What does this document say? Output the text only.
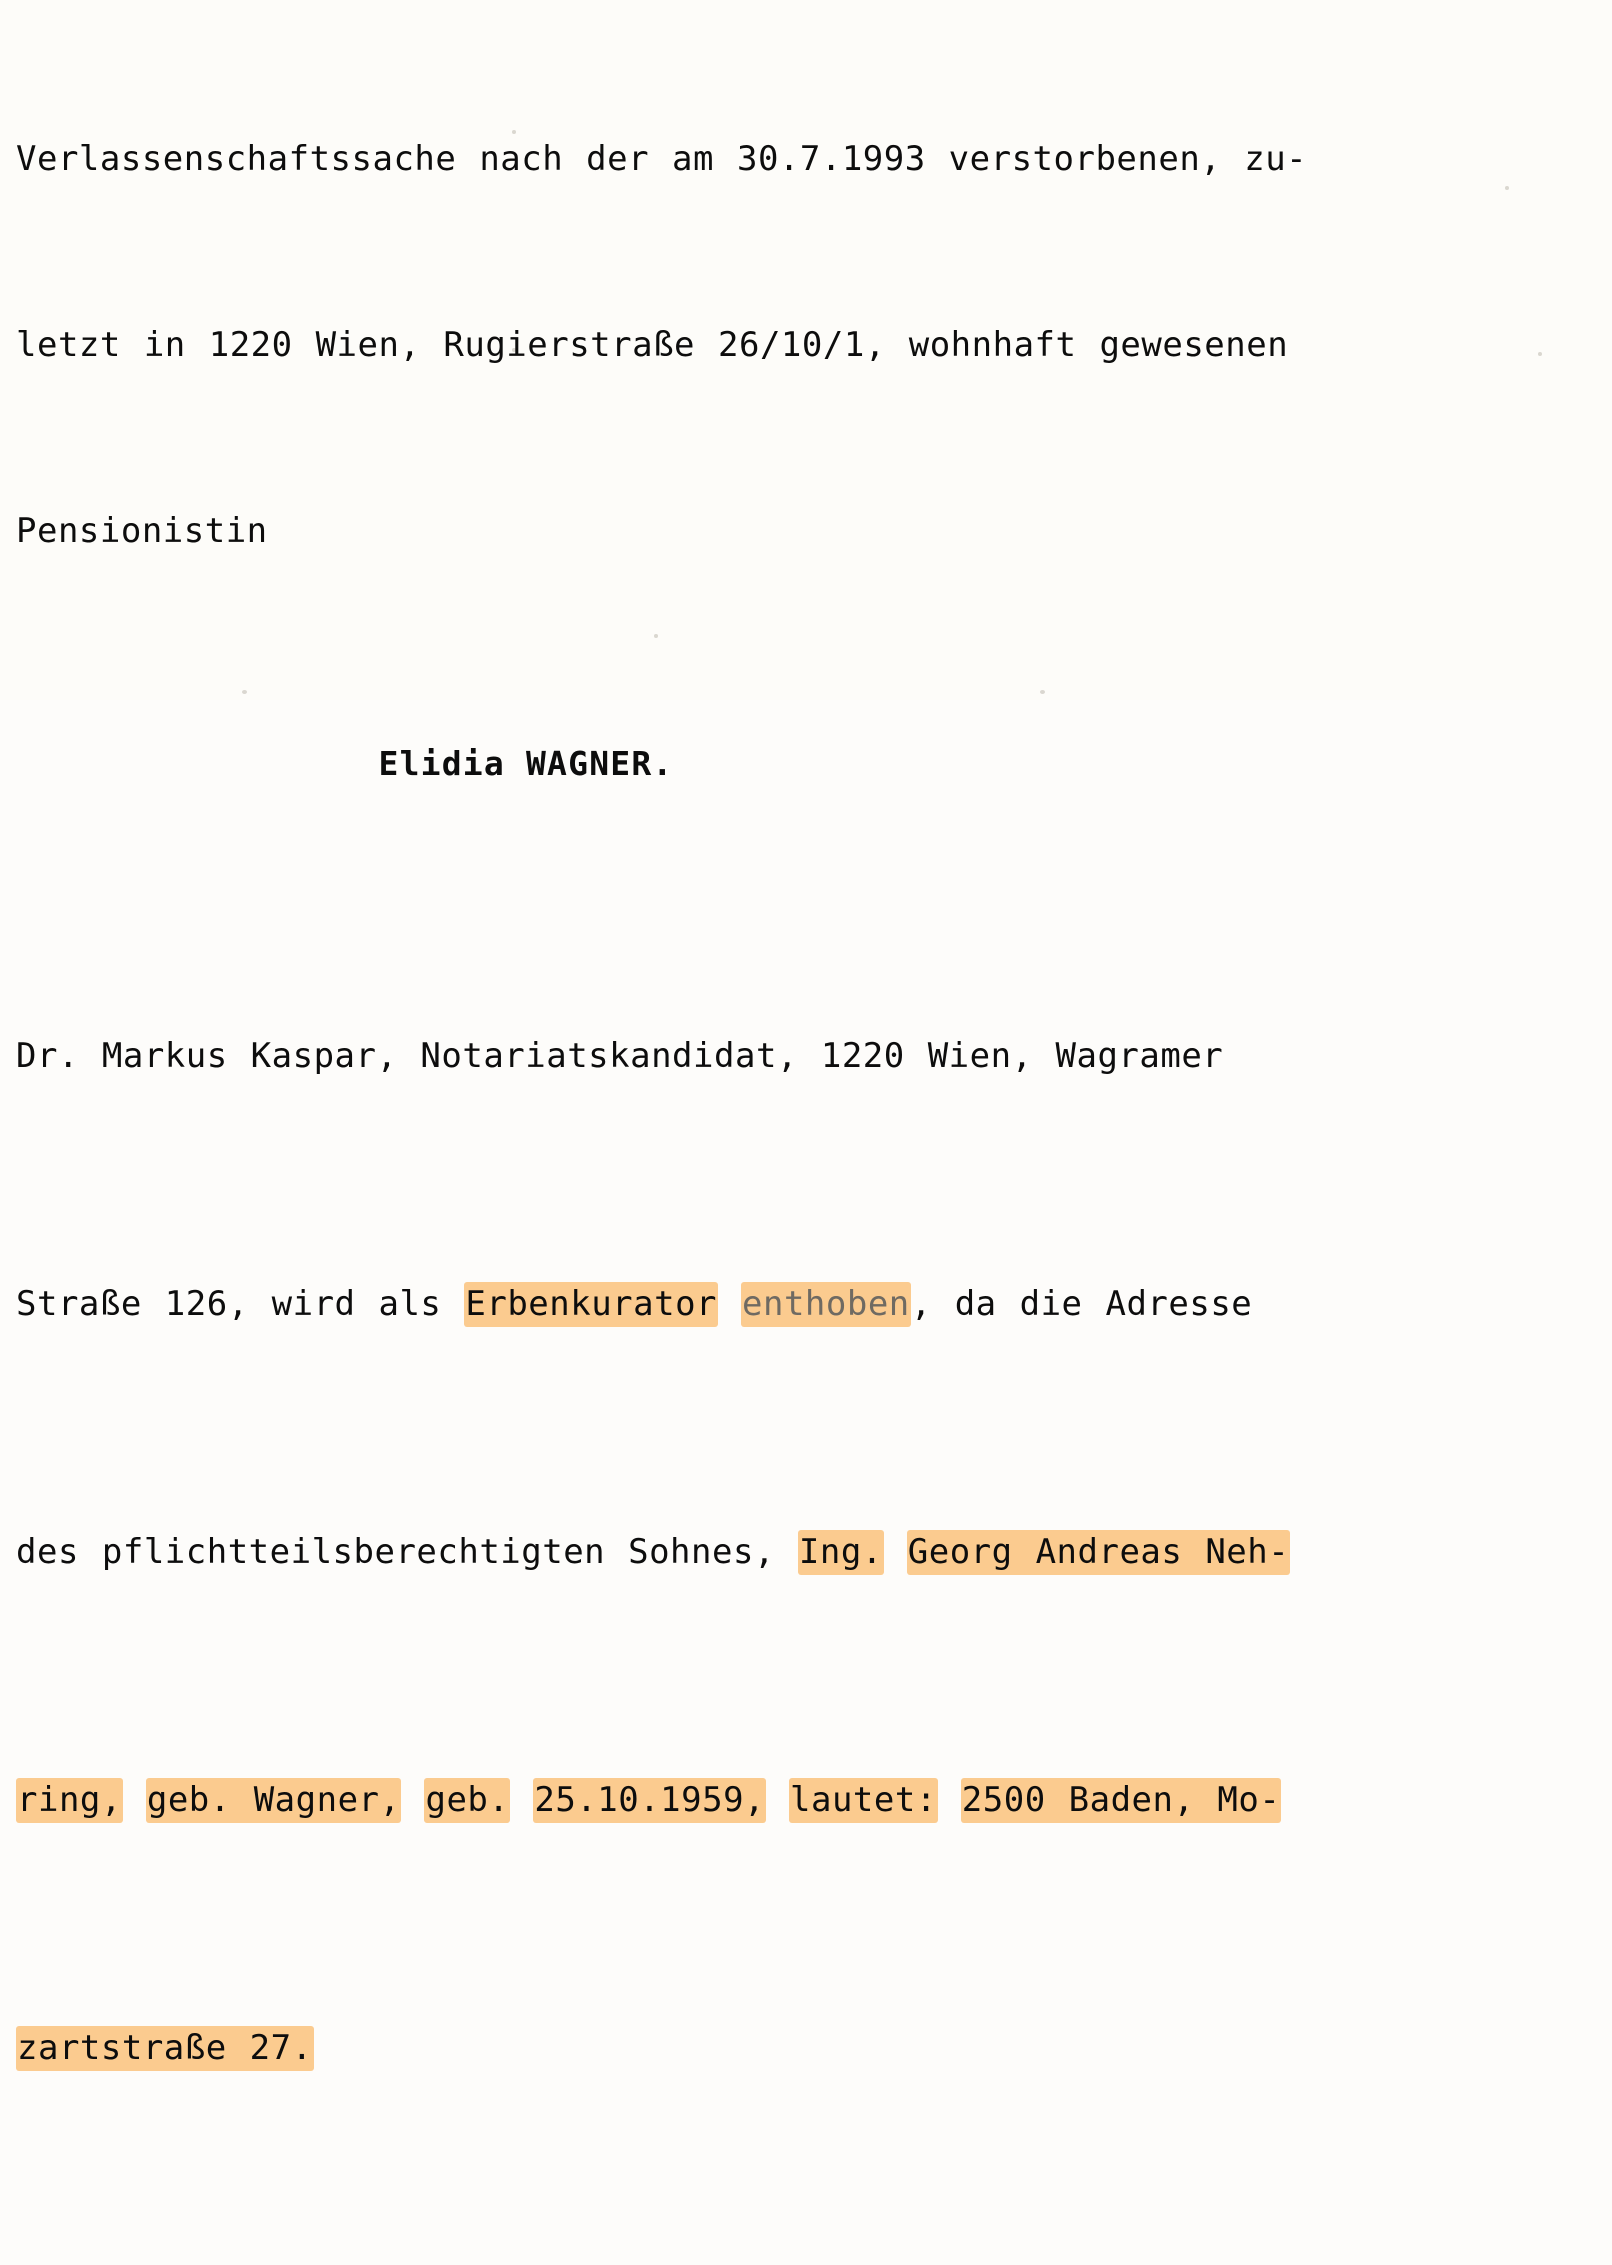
Verlassenschaftssache nach der am 30.7.1993 verstorbenen, zu-

letzt in 1220 Wien, Rugierstraße 26/10/1, wohnhaft gewesenen

Pensionistin

Elidia WAGNER.

Dr. Markus Kaspar, Notariatskandidat, 1220 Wien, Wagramer

Straße 126, wird als Erbenkurator enthoben, da die Adresse

des pflichtteilsberechtigten Sohnes, Ing. Georg Andreas Neh-

ring, geb. Wagner, geb. 25.10.1959, lautet: 2500 Baden, Mo-

zartstraße 27.
